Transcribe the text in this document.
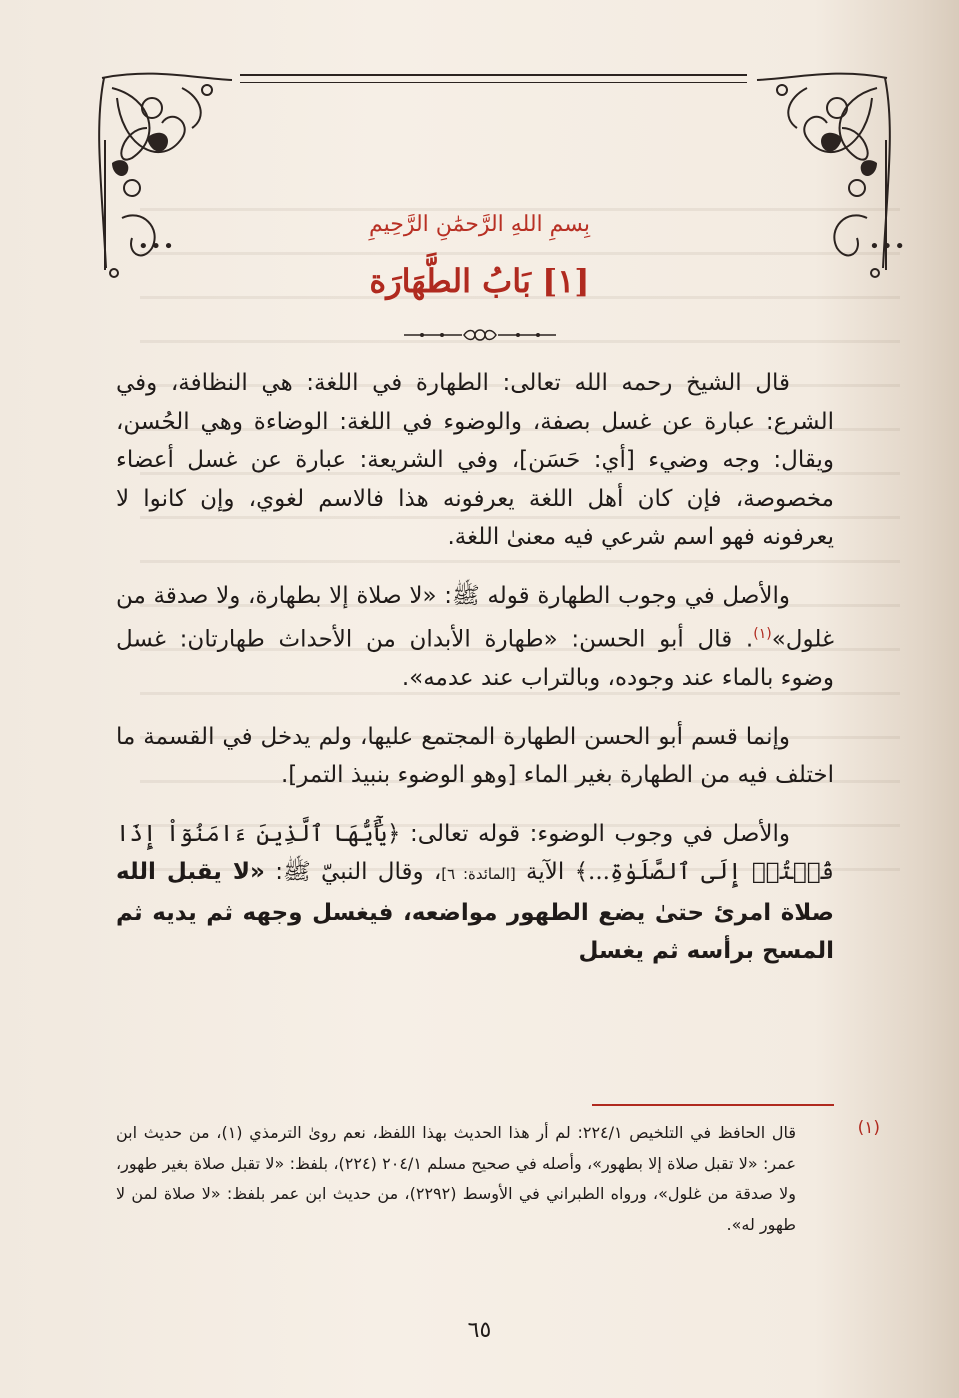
•••	•••
بِسمِ اللهِ الرَّحمَٰنِ الرَّحِيمِ
[١] بَابُ الطَّهَارَة

قال الشيخ رحمه الله تعالى: الطهارة في اللغة: هي النظافة، وفي الشرع: عبارة عن غسل بصفة، والوضوء في اللغة: الوضاءة وهي الحُسن، ويقال: وجه وضيء [أي: حَسَن]، وفي الشريعة: عبارة عن غسل أعضاء مخصوصة، فإن كان أهل اللغة يعرفونه هذا فالاسم لغوي، وإن كانوا لا يعرفونه فهو اسم شرعي فيه معنىٰ اللغة.

والأصل في وجوب الطهارة قوله ﷺ: «لا صلاة إلا بطهارة، ولا صدقة من غلول»$^{(١)}$. قال أبو الحسن: «طهارة الأبدان من الأحداث طهارتان: غسل وضوء بالماء عند وجوده، وبالتراب عند عدمه».

وإنما قسم أبو الحسن الطهارة المجتمع عليها، ولم يدخل في القسمة ما اختلف فيه من الطهارة بغير الماء [وهو الوضوء بنبيذ التمر].

والأصل في وجوب الوضوء: قوله تعالى: ﴿يَٰٓأَيُّهَا ٱلَّذِينَ ءَامَنُوٓاْ إِذَا قُمۡتُمۡ إِلَى ٱلصَّلَوٰةِ...﴾ الآية [المائدة: ٦]، وقال النبيّ ﷺ: «لا يقبل الله صلاة امرئ حتىٰ يضع الطهور مواضعه، فيغسل وجهه ثم يديه ثم المسح برأسه ثم يغسل

(١)
قال الحافظ في التلخيص ٢٢٤/١: لم أر هذا الحديث بهذا اللفظ، نعم روىٰ الترمذي (١)، من حديث ابن عمر: «لا تقبل صلاة إلا بطهور»، وأصله في صحيح مسلم ٢٠٤/١ (٢٢٤)، بلفظ: «لا تقبل صلاة بغير طهور، ولا صدقة من غلول»، ورواه الطبراني في الأوسط (٢٢٩٢)، من حديث ابن عمر بلفظ: «لا صلاة لمن لا طهور له».
٦٥
